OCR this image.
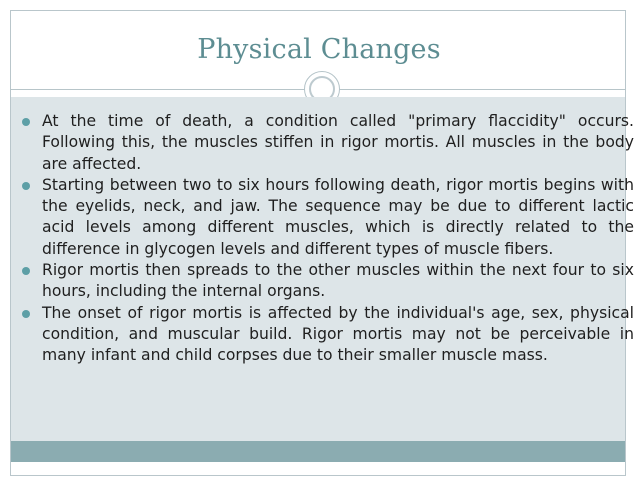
Physical Changes
At the time of death, a condition called "primary flaccidity" occurs. Following this, the muscles stiffen in rigor mortis. All muscles in the body are affected.
Starting between two to six hours following death, rigor mortis begins with the eyelids, neck, and jaw. The sequence may be due to different lactic acid levels among different muscles, which is directly related to the difference in glycogen levels and different types of muscle fibers.
Rigor mortis then spreads to the other muscles within the next four to six hours, including the internal organs.
The onset of rigor mortis is affected by the individual's age, sex, physical condition, and muscular build. Rigor mortis may not be perceivable in many infant and child corpses due to their smaller muscle mass.
